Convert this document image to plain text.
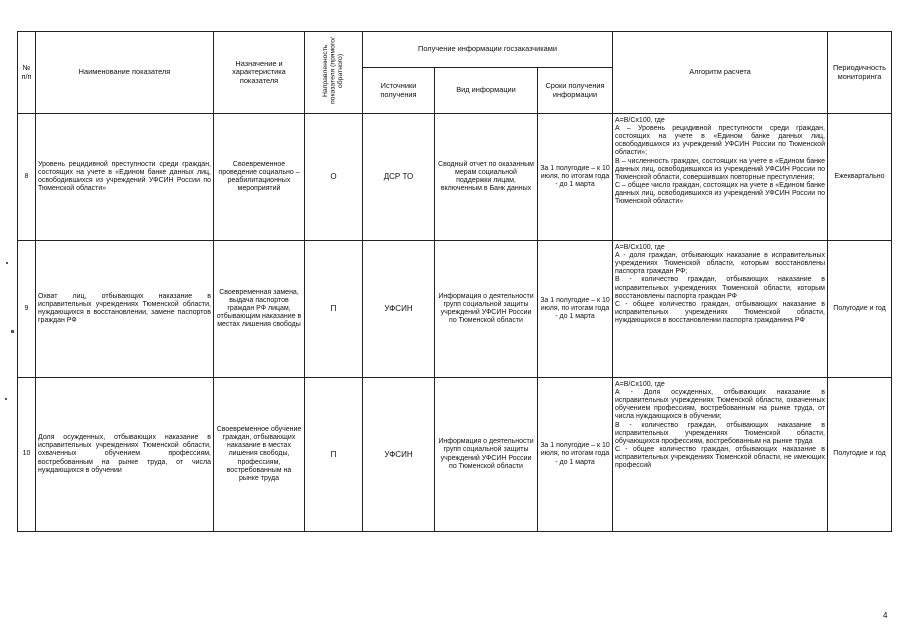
№ п/п	Наименование показателя	Назначение и характеристика показателя	Направленность показателя (прямого/обратного)	Получение информации госзаказчиками			Алгоритм расчета	Периодичность мониторинга
				Источники получения	Вид информации	Сроки получения информации		
8	Уровень рецидивной преступности среди граждан, состоящих на учете в «Едином банке данных лиц, освободившихся из учреждений УФСИН России по Тюменской области»	Своевременное проведение социально – реабилитационных мероприятий	О	ДСР ТО	Сводный отчет по оказанным мерам социальной поддержки лицам, включенным в Банк данных	За 1 полугодие – к 10 июля, по итогам года - до 1 марта	А=В/Сх100, где
А – Уровень рецидивной преступности среди граждан, состоящих на учете в «Едином банке данных лиц, освободившихся из учреждений УФСИН России по Тюменской области»;
В – численность граждан, состоящих на учете в «Едином банке данных лиц, освободившихся из учреждений УФСИН России по Тюменской области, совершивших повторные преступления;
С – общее число граждан, состоящих на учете в «Едином банке данных лиц, освободившихся из учреждений УФСИН России по Тюменской области»	Ежеквартально
9	Охват лиц, отбывающих наказание в исправительных учреждениях Тюменской области, нуждающихся в восстановлении, замене паспортов граждан РФ	Своевременная замена, выдача паспортов граждан РФ лицам, отбывающим наказание в местах лишения свободы	П	УФСИН	Информация о деятельности групп социальной защиты учреждений УФСИН России по Тюменской области	За 1 полугодие – к 10 июля, по итогам года - до 1 марта	А=В/Сх100, где
А - доля граждан, отбывающих наказание в исправительных учреждениях Тюменской области, которым восстановлены паспорта граждан РФ;
В - количество граждан, отбывающих наказание в исправительных учреждениях Тюменской области, которым восстановлены паспорта граждан РФ
С - общее количество граждан, отбывающих наказание в исправительных учреждениях Тюменской области, нуждающихся в восстановлении паспорта гражданина РФ	Полугодие и год
10	Доля осужденных, отбывающих наказание в исправительных учреждениях Тюменской области, охваченных обучением профессиям, востребованным на рынке труда, от числа нуждающихся в обучении	Своевременное обучение граждан, отбывающих наказание в местах лишения свободы, профессиям, востребованным на рынке труда	П	УФСИН	Информация о деятельности групп социальной защиты учреждений УФСИН России по Тюменской области	За 1 полугодие – к 10 июля, по итогам года - до 1 марта	А=В/Сх100, где
А - Доля осужденных, отбывающих наказание в исправительных учреждениях Тюменской области, охваченных обучением профессиям, востребованным на рынке труда, от числа нуждающихся в обучении;
В - количество граждан, отбывающих наказание в исправительных учреждениях Тюменской области, обучающихся профессиям, востребованным на рынке труда
С - общее количество граждан, отбывающих наказание в исправительных учреждениях Тюменской области, не имеющих профессий	Полугодие и год
4
